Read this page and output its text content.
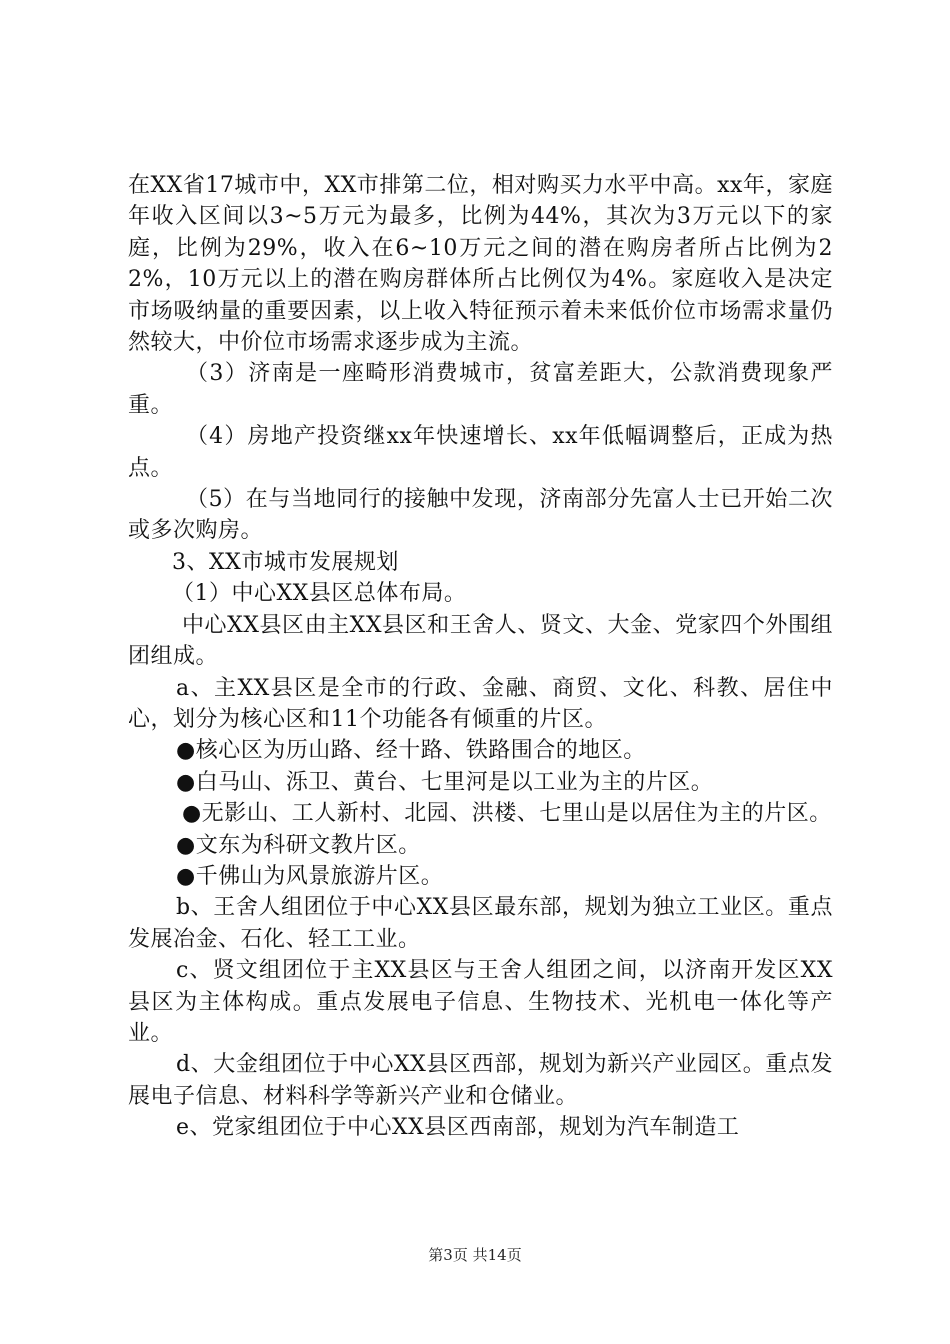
在XX省17城市中，XX市排第二位，相对购买力水平中高。xx年，家庭年收入区间以3~5万元为最多，比例为44%，其次为3万元以下的家庭，比例为29%，收入在6~10万元之间的潜在购房者所占比例为22%，10万元以上的潜在购房群体所占比例仅为4%。家庭收入是决定市场吸纳量的重要因素，以上收入特征预示着未来低价位市场需求量仍然较大，中价位市场需求逐步成为主流。

（3）济南是一座畸形消费城市，贫富差距大，公款消费现象严重。

（4）房地产投资继xx年快速增长、xx年低幅调整后，正成为热点。

（5）在与当地同行的接触中发现，济南部分先富人士已开始二次或多次购房。

3、XX市城市发展规划

（1）中心XX县区总体布局。

中心XX县区由主XX县区和王舍人、贤文、大金、党家四个外围组团组成。

a、主XX县区是全市的行政、金融、商贸、文化、科教、居住中心，划分为核心区和11个功能各有倾重的片区。

●核心区为历山路、经十路、铁路围合的地区。

●白马山、泺卫、黄台、七里河是以工业为主的片区。

●无影山、工人新村、北园、洪楼、七里山是以居住为主的片区。

●文东为科研文教片区。

●千佛山为风景旅游片区。

b、王舍人组团位于中心XX县区最东部，规划为独立工业区。重点发展冶金、石化、轻工工业。

c、贤文组团位于主XX县区与王舍人组团之间，以济南开发区XX县区为主体构成。重点发展电子信息、生物技术、光机电一体化等产业。

d、大金组团位于中心XX县区西部，规划为新兴产业园区。重点发展电子信息、材料科学等新兴产业和仓储业。

e、党家组团位于中心XX县区西南部，规划为汽车制造工

第3页 共14页
